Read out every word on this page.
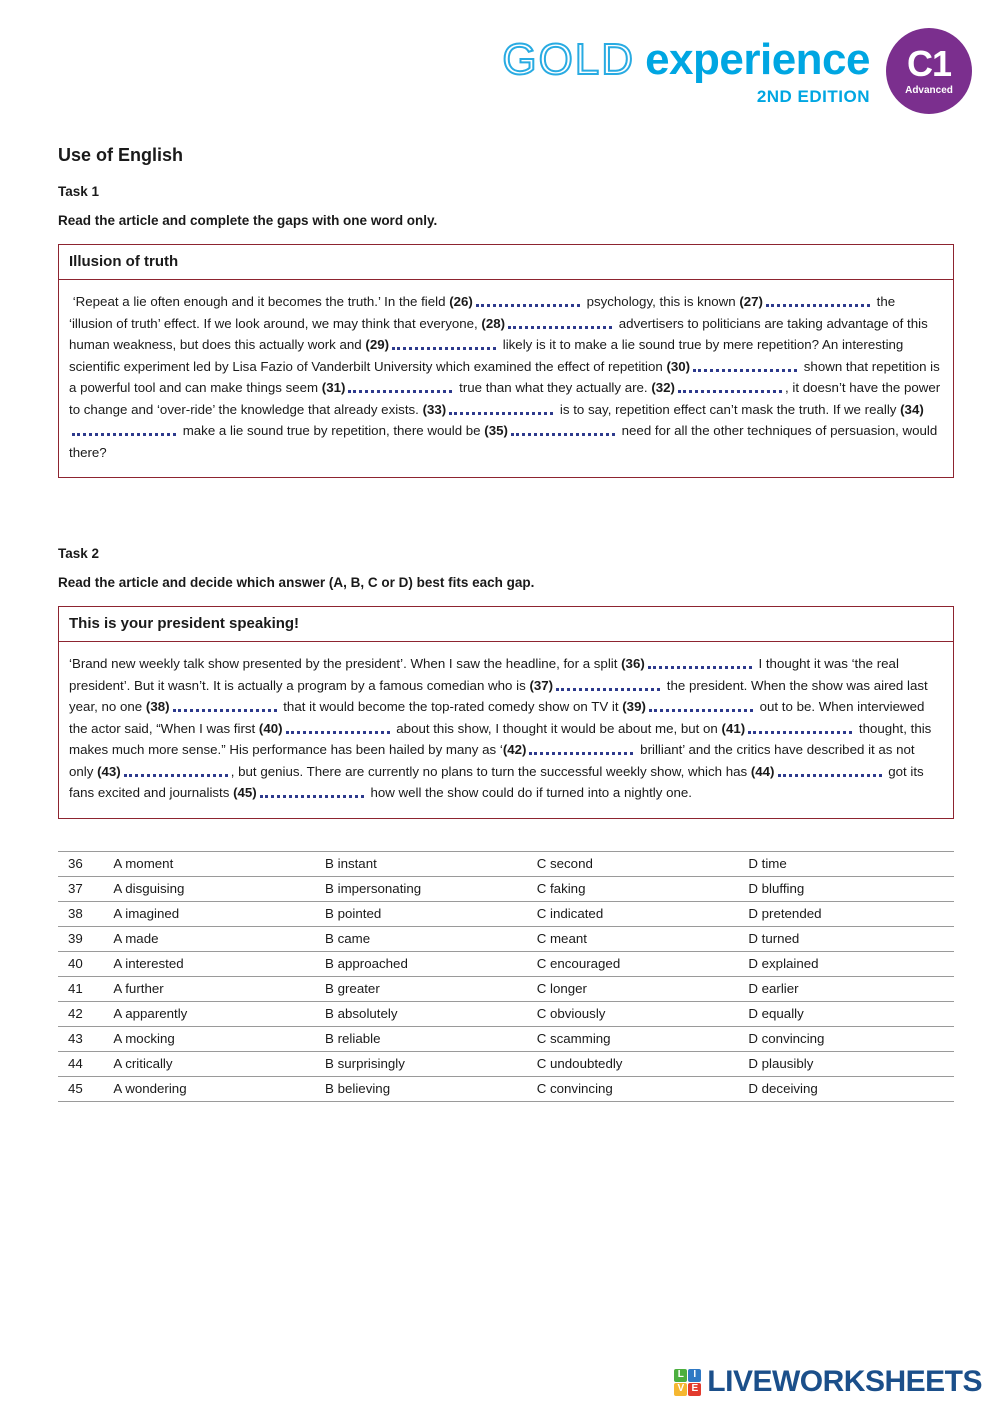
GOLD experience
2ND EDITION
C1
Advanced
Use of English

Task 1

Read the article and complete the gaps with one word only.

Illusion of truth
‘Repeat a lie often enough and it becomes the truth.’ In the field (26)	psychology, this is known (27)	the ‘illusion of truth’ effect. If we look around, we may think that everyone, (28)	advertisers to politicians are taking advantage of this human weakness, but does this actually work and (29)	likely is it to make a lie sound true by mere repetition? An interesting scientific experiment led by Lisa Fazio of Vanderbilt University which examined the effect of repetition (30)	shown that repetition is a powerful tool and can make things seem (31)	true than what they actually are. (32)	, it doesn’t have the power to change and ‘over-ride’ the knowledge that already exists. (33)	is to say, repetition effect can’t mask the truth. If we really (34) make a lie sound true by repetition, there would be (35)	need for all the other techniques of persuasion, would there?

Task 2

Read the article and decide which answer (A, B, C or D) best fits each gap.

This is your president speaking!
‘Brand new weekly talk show presented by the president’. When I saw the headline, for a split (36)	I thought it was ‘the real president’. But it wasn’t. It is actually a program by a famous comedian who is (37)	the president. When the show was aired last year, no one (38)	that it would become the top-rated comedy show on TV it (39)	out to be. When interviewed the actor said, “When I was first (40)	about this show, I thought it would be about me, but on (41)	thought, this makes much more sense.” His performance has been hailed by many as ‘(42)	brilliant’ and the critics have described it as not only (43)	, but genius. There are currently no plans to turn the successful weekly show, which has (44)	got its fans excited and journalists (45)	how well the show could do if turned into a nightly one.
36	A moment	B instant	C second	D time
37	A disguising	B impersonating	C faking	D bluffing
38	A imagined	B pointed	C indicated	D pretended
39	A made	B came	C meant	D turned
40	A interested	B approached	C encouraged	D explained
41	A further	B greater	C longer	D earlier
42	A apparently	B absolutely	C obviously	D equally
43	A mocking	B reliable	C scamming	D convincing
44	A critically	B surprisingly	C undoubtedly	D plausibly
45	A wondering	B believing	C convincing	D deceiving
L I
V E LIVEWORKSHEETS
